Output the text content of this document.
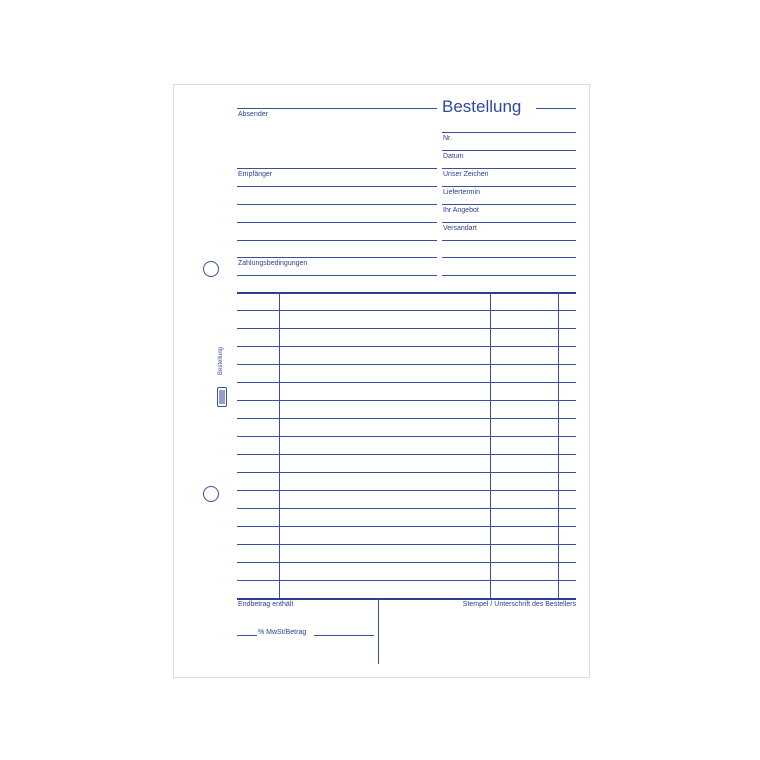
Bestellung
Absender	Bestellung
Nr.
Datum
Unser Zeichen
Liefertermin
Ihr Angebot
Versandart
Empfänger
Zahlungsbedingungen
Endbetrag enthält	Stempel / Unterschrift des Bestellers
% MwSt/Betrag
